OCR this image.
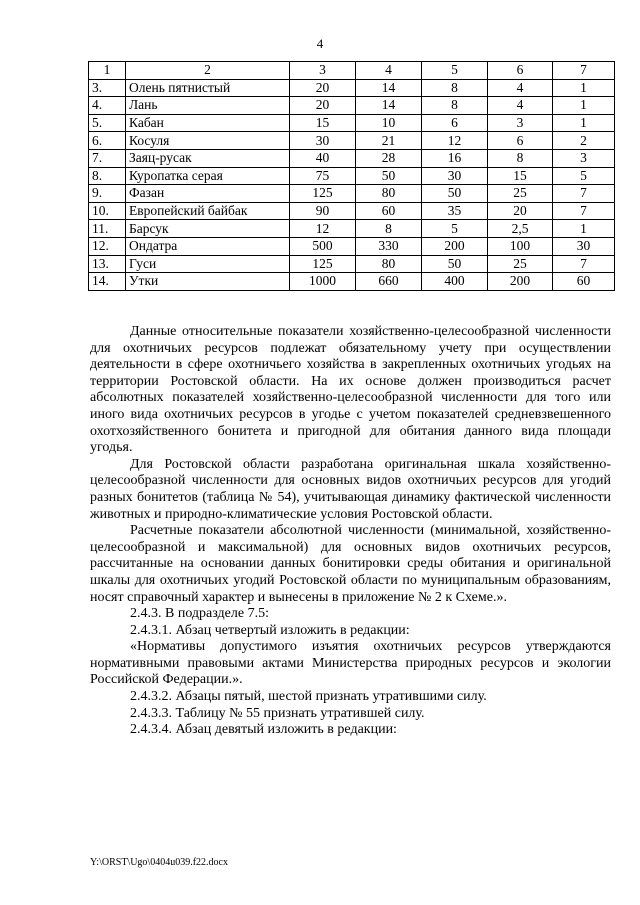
4
1	2	3	4	5	6	7
3.	Олень пятнистый	20	14	8	4	1
4.	Лань	20	14	8	4	1
5.	Кабан	15	10	6	3	1
6.	Косуля	30	21	12	6	2
7.	Заяц-русак	40	28	16	8	3
8.	Куропатка серая	75	50	30	15	5
9.	Фазан	125	80	50	25	7
10.	Европейский байбак	90	60	35	20	7
11.	Барсук	12	8	5	2,5	1
12.	Ондатра	500	330	200	100	30
13.	Гуси	125	80	50	25	7
14.	Утки	1000	660	400	200	60

Данные относительные показатели хозяйственно-целесообразной численности для охотничьих ресурсов подлежат обязательному учету при осуществлении деятельности в сфере охотничьего хозяйства в закрепленных охотничьих угодьях на территории Ростовской области. На их основе должен производиться расчет абсолютных показателей хозяйственно-целесообразной численности для того или иного вида охотничьих ресурсов в угодье с учетом показателей средневзвешенного охотхозяйственного бонитета и пригодной для обитания данного вида площади угодья.

Для Ростовской области разработана оригинальная шкала хозяйственно-целесообразной численности для основных видов охотничьих ресурсов для угодий разных бонитетов (таблица № 54), учитывающая динамику фактической численности животных и природно-климатические условия Ростовской области.

Расчетные показатели абсолютной численности (минимальной, хозяйственно-целесообразной и максимальной) для основных видов охотничьих ресурсов, рассчитанные на основании данных бонитировки среды обитания и оригинальной шкалы для охотничьих угодий Ростовской области по муниципальным образованиям, носят справочный характер и вынесены в приложение № 2 к Схеме.».

2.4.3. В подразделе 7.5:

2.4.3.1. Абзац четвертый изложить в редакции:

«Нормативы допустимого изъятия охотничьих ресурсов утверждаются нормативными правовыми актами Министерства природных ресурсов и экологии Российской Федерации.».

2.4.3.2. Абзацы пятый, шестой признать утратившими силу.

2.4.3.3. Таблицу № 55 признать утратившей силу.

2.4.3.4. Абзац девятый изложить в редакции:

Y:\ORST\Ugo\0404u039.f22.docx
